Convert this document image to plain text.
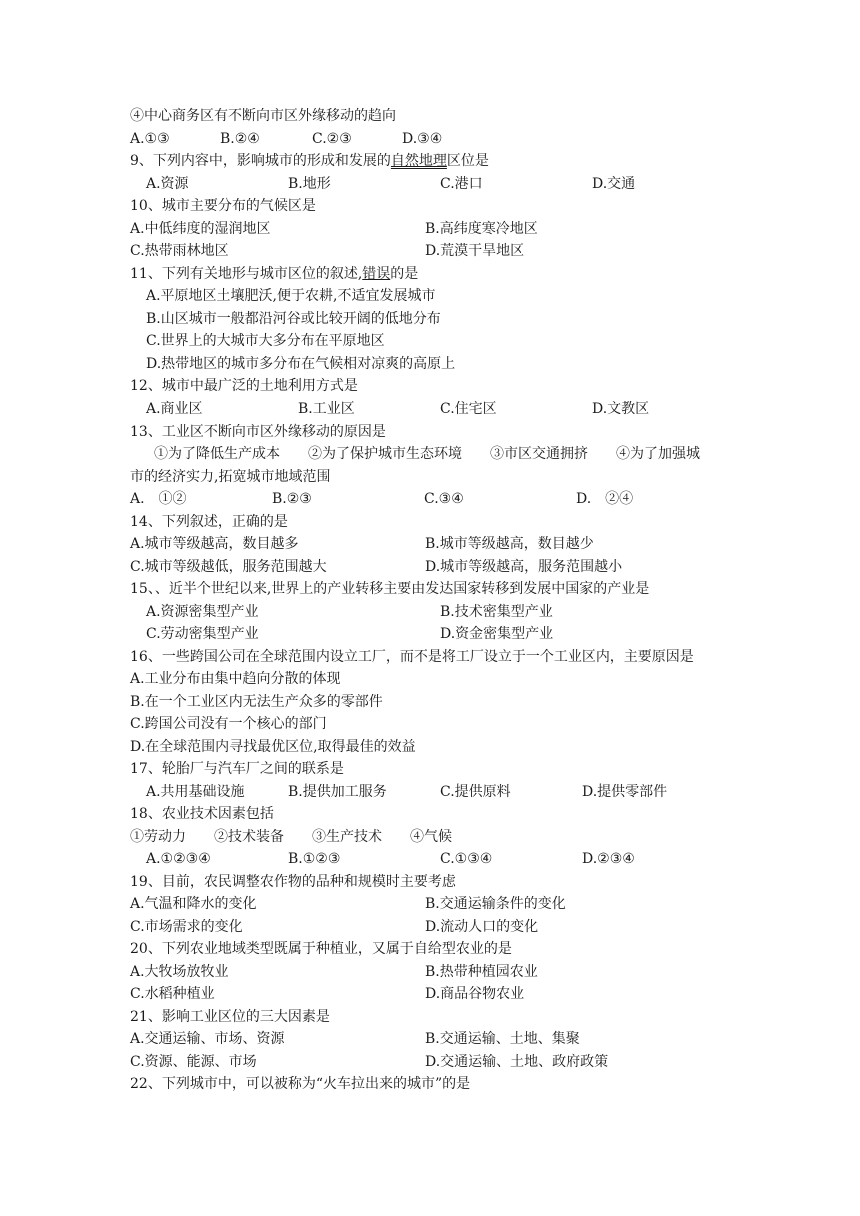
④中心商务区有不断向市区外缘移动的趋向
A.①③	B.②④	C.②③	D.③④
9、下列内容中，影响城市的形成和发展的自然地理区位是
A.资源	B.地形	C.港口	D.交通
10、城市主要分布的气候区是
A.中低纬度的湿润地区	B.高纬度寒冷地区
C.热带雨林地区	D.荒漠干旱地区
11、下列有关地形与城市区位的叙述,错误的是
A.平原地区土壤肥沃,便于农耕,不适宜发展城市
B.山区城市一般都沿河谷或比较开阔的低地分布
C.世界上的大城市大多分布在平原地区
D.热带地区的城市多分布在气候相对凉爽的高原上
12、城市中最广泛的土地利用方式是
A.商业区	B.工业区	C.住宅区	D.文教区
13、工业区不断向市区外缘移动的原因是
①为了降低生产成本　　②为了保护城市生态环境　　③市区交通拥挤　　④为了加强城
市的经济实力,拓宽城市地域范围
A.　①②	B.②③	C.③④	D.　②④
14、下列叙述，正确的是
A.城市等级越高，数目越多	B.城市等级越高，数目越少
C.城市等级越低，服务范围越大	D.城市等级越高，服务范围越小
15、、近半个世纪以来,世界上的产业转移主要由发达国家转移到发展中国家的产业是
A.资源密集型产业	B.技术密集型产业
C.劳动密集型产业	D.资金密集型产业
16、一些跨国公司在全球范围内设立工厂，而不是将工厂设立于一个工业区内，主要原因是
A.工业分布由集中趋向分散的体现
B.在一个工业区内无法生产众多的零部件
C.跨国公司没有一个核心的部门
D.在全球范围内寻找最优区位,取得最佳的效益
17、轮胎厂与汽车厂之间的联系是
A.共用基础设施	B.提供加工服务	C.提供原料	D.提供零部件
18、农业技术因素包括
①劳动力　　②技术装备　　③生产技术　　④气候
A.①②③④	B.①②③	C.①③④	D.②③④
19、目前，农民调整农作物的品种和规模时主要考虑
A.气温和降水的变化	B.交通运输条件的变化
C.市场需求的变化	D.流动人口的变化
20、下列农业地域类型既属于种植业，又属于自给型农业的是
A.大牧场放牧业	B.热带种植园农业
C.水稻种植业	D.商品谷物农业
21、影响工业区位的三大因素是
A.交通运输、市场、资源	B.交通运输、土地、集聚
C.资源、能源、市场	D.交通运输、土地、政府政策
22、下列城市中，可以被称为“火车拉出来的城市”的是
